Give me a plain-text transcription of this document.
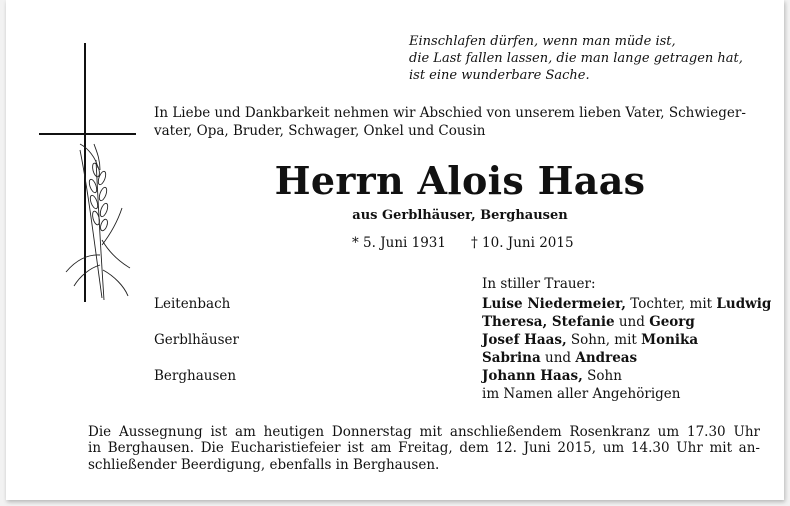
Einschlafen dürfen, wenn man müde ist,
die Last fallen lassen, die man lange getragen hat,
ist eine wunderbare Sache.
In Liebe und Dankbarkeit nehmen wir Abschied von unserem lieben Vater, Schwieger-
vater, Opa, Bruder, Schwager, Onkel und Cousin
Herrn Alois Haas
aus Gerblhäuser, Berghausen
* 5. Juni 1931 † 10. Juni 2015
In stiller Trauer:
Leitenbach
Gerblhäuser
Berghausen
Luise Niedermeier, Tochter, mit Ludwig
Theresa, Stefanie und Georg
Josef Haas, Sohn, mit Monika
Sabrina und Andreas
Johann Haas, Sohn
im Namen aller Angehörigen
Die Aussegnung ist am heutigen Donnerstag mit anschließendem Rosenkranz um 17.30 Uhr
in Berghausen. Die Eucharistiefeier ist am Freitag, dem 12. Juni 2015, um 14.30 Uhr mit an-
schließender Beerdigung, ebenfalls in Berghausen.
